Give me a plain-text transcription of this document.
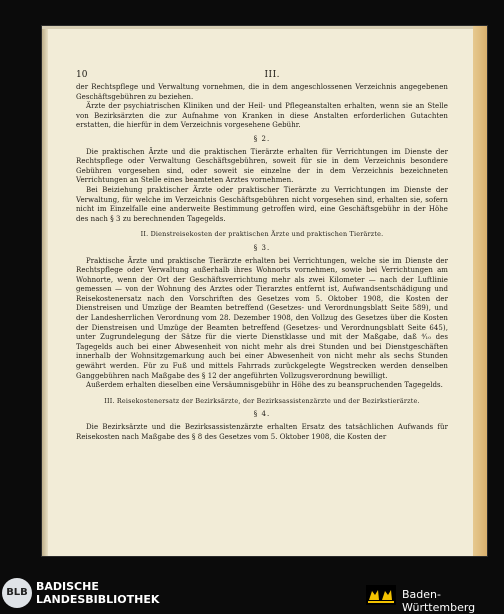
10	III.

der Rechtspflege und Verwaltung vornehmen, die in dem angeschlossenen Verzeichnis angegebenen Geschäftsgebühren zu beziehen.

Ärzte der psychiatrischen Kliniken und der Heil- und Pflegeanstalten erhalten, wenn sie an Stelle von Bezirksärzten die zur Aufnahme von Kranken in diese Anstalten erforderlichen Gutachten erstatten, die hierfür in dem Verzeichnis vorgesehene Gebühr.

§ 2.

Die praktischen Ärzte und die praktischen Tierärzte erhalten für Verrichtungen im Dienste der Rechtspflege oder Verwaltung Geschäftsgebühren, soweit für sie in dem Verzeichnis besondere Gebühren vorgesehen sind, oder soweit sie einzelne der in dem Verzeichnis bezeichneten Verrichtungen an Stelle eines beamteten Arztes vornehmen.

Bei Beiziehung praktischer Ärzte oder praktischer Tierärzte zu Verrichtungen im Dienste der Verwaltung, für welche im Verzeichnis Geschäftsgebühren nicht vorgesehen sind, erhalten sie, sofern nicht im Einzelfalle eine anderweite Bestimmung getroffen wird, eine Geschäftsgebühr in der Höhe des nach § 3 zu berechnenden Tagegelds.

II. Dienstreisekosten der praktischen Ärzte und praktischen Tierärzte.
§ 3.

Praktische Ärzte und praktische Tierärzte erhalten bei Verrichtungen, welche sie im Dienste der Rechtspflege oder Verwaltung außerhalb ihres Wohnorts vornehmen, sowie bei Verrichtungen am Wohnorte, wenn der Ort der Geschäftsverrichtung mehr als zwei Kilometer — nach der Luftlinie gemessen — von der Wohnung des Arztes oder Tierarztes entfernt ist, Aufwandsentschädigung und Reisekostenersatz nach den Vorschriften des Gesetzes vom 5. Oktober 1908, die Kosten der Dienstreisen und Umzüge der Beamten betreffend (Gesetzes- und Verordnungsblatt Seite 589), und der Landesherrlichen Verordnung vom 28. Dezember 1908, den Vollzug des Gesetzes über die Kosten der Dienstreisen und Umzüge der Beamten betreffend (Gesetzes- und Verordnungsblatt Seite 645), unter Zugrundelegung der Sätze für die vierte Dienstklasse und mit der Maßgabe, daß ⁴⁄₁₀ des Tagegelds auch bei einer Abwesenheit von nicht mehr als drei Stunden und bei Dienstgeschäften innerhalb der Wohnsitzgemarkung auch bei einer Abwesenheit von nicht mehr als sechs Stunden gewährt werden. Für zu Fuß und mittels Fahrrads zurückgelegte Wegstrecken werden denselben Ganggebühren nach Maßgabe des § 12 der angeführten Vollzugsverordnung bewilligt.

Außerdem erhalten dieselben eine Versäumnisgebühr in Höhe des zu beanspruchenden Tagegelds.

III. Reisekostenersatz der Bezirksärzte, der Bezirksassistenzärzte und der Bezirkstierärzte.
§ 4.

Die Bezirksärzte und die Bezirksassistenzärzte erhalten Ersatz des tatsächlichen Aufwands für Reisekosten nach Maßgabe des § 8 des Gesetzes vom 5. Oktober 1908, die Kosten der

BLB BADISCHE
LANDESBIBLIOTHEK	Baden-Württemberg
